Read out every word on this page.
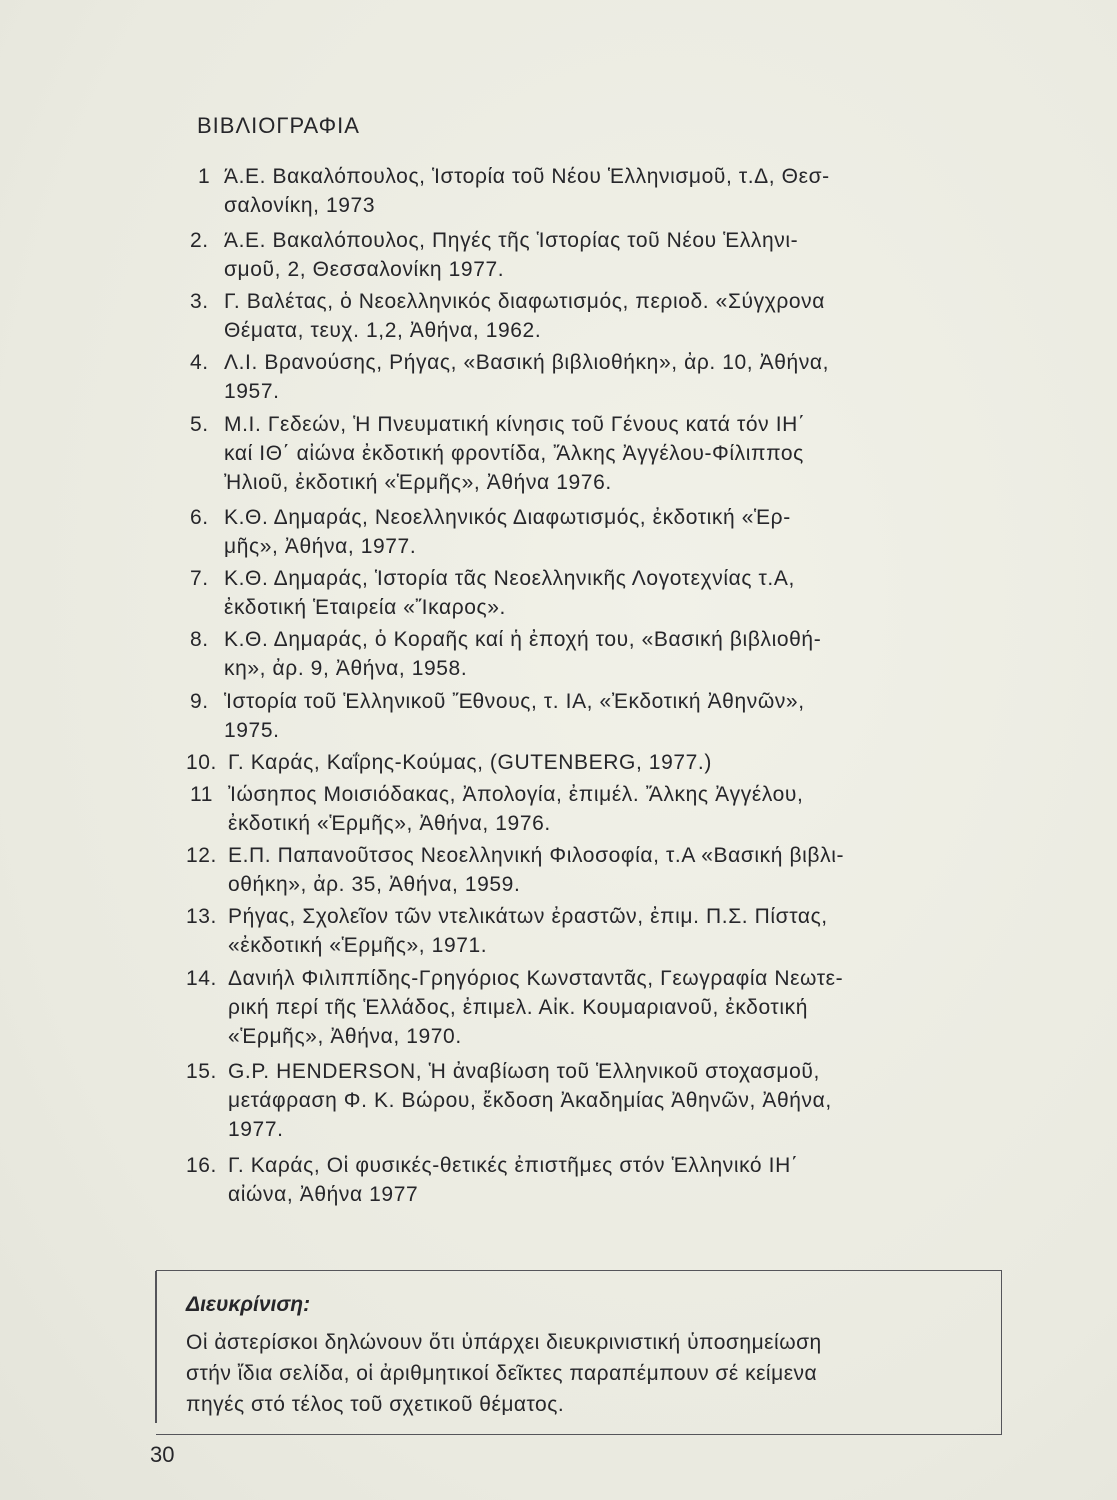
ΒΙΒΛΙΟΓΡΑΦΙΑ
1 Ά.Ε. Βακαλόπουλος, Ἱστορία τοῦ Νέου Ἑλληνισμοῦ, τ.Δ, Θεσ-
σαλονίκη, 1973
2. Ά.Ε. Βακαλόπουλος, Πηγές τῆς Ἱστορίας τοῦ Νέου Ἑλληνι-
σμοῦ, 2, Θεσσαλονίκη 1977.
3. Γ. Βαλέτας, ὁ Νεοελληνικός διαφωτισμός, περιοδ. «Σύγχρονα
Θέματα, τευχ. 1,2, Ἀθήνα, 1962.
4. Λ.Ι. Βρανούσης, Ρήγας, «Βασική βιβλιοθήκη», ἀρ. 10, Ἀθήνα,
1957.
5. Μ.Ι. Γεδεών, Ἡ Πνευματική κίνησις τοῦ Γένους κατά τόν ΙΗ΄
καί ΙΘ΄ αἰώνα ἐκδοτική φροντίδα, Ἄλκης Ἀγγέλου-Φίλιππος
Ἠλιοῦ, ἐκδοτική «Ἑρμῆς», Ἀθήνα 1976.
6. Κ.Θ. Δημαράς, Νεοελληνικός Διαφωτισμός, ἐκδοτική «Ἑρ-
μῆς», Ἀθήνα, 1977.
7. Κ.Θ. Δημαράς, Ἱστορία τᾶς Νεοελληνικῆς Λογοτεχνίας τ.Α,
ἐκδοτική Ἑταιρεία «Ἴκαρος».
8. Κ.Θ. Δημαράς, ὁ Κοραῆς καί ἡ ἐποχή του, «Βασική βιβλιοθή-
κη», ἀρ. 9, Ἀθήνα, 1958.
9. Ἱστορία τοῦ Ἑλληνικοῦ Ἔθνους, τ. ΙΑ, «Ἐκδοτική Ἀθηνῶν»,
1975.
10. Γ. Καράς, Καΐρης-Κούμας, (GUTENBERG, 1977.)
11 Ἰώσηπος Μοισιόδακας, Ἀπολογία, ἐπιμέλ. Ἄλκης Ἀγγέλου,
ἐκδοτική «Ἑρμῆς», Ἀθήνα, 1976.
12. Ε.Π. Παπανοῦτσος Νεοελληνική Φιλοσοφία, τ.Α «Βασική βιβλι-
οθήκη», ἀρ. 35, Ἀθήνα, 1959.
13. Ρήγας, Σχολεῖον τῶν ντελικάτων ἐραστῶν, ἐπιμ. Π.Σ. Πίστας,
«ἐκδοτική «Ἑρμῆς», 1971.
14. Δανιήλ Φιλιππίδης-Γρηγόριος Κωνσταντᾶς, Γεωγραφία Νεωτε-
ρική περί τῆς Ἑλλάδος, ἐπιμελ. Αἰκ. Κουμαριανοῦ, ἐκδοτική
«Ἑρμῆς», Ἀθήνα, 1970.
15. G.P. HENDERSON, Ἡ ἀναβίωση τοῦ Ἑλληνικοῦ στοχασμοῦ,
μετάφραση Φ. Κ. Βώρου, ἔκδοση Ἀκαδημίας Ἀθηνῶν, Ἀθήνα,
1977.
16. Γ. Καράς, Οἱ φυσικές-θετικές ἐπιστῆμες στόν Ἑλληνικό ΙΗ΄
αἰώνα, Ἀθήνα 1977
Διευκρίνιση:
Οἱ ἀστερίσκοι δηλώνουν ὅτι ὑπάρχει διευκρινιστική ὑποσημείωση
στήν ἴδια σελίδα, οἱ ἀριθμητικοί δεῖκτες παραπέμπουν σέ κείμενα
πηγές στό τέλος τοῦ σχετικοῦ θέματος.
30
